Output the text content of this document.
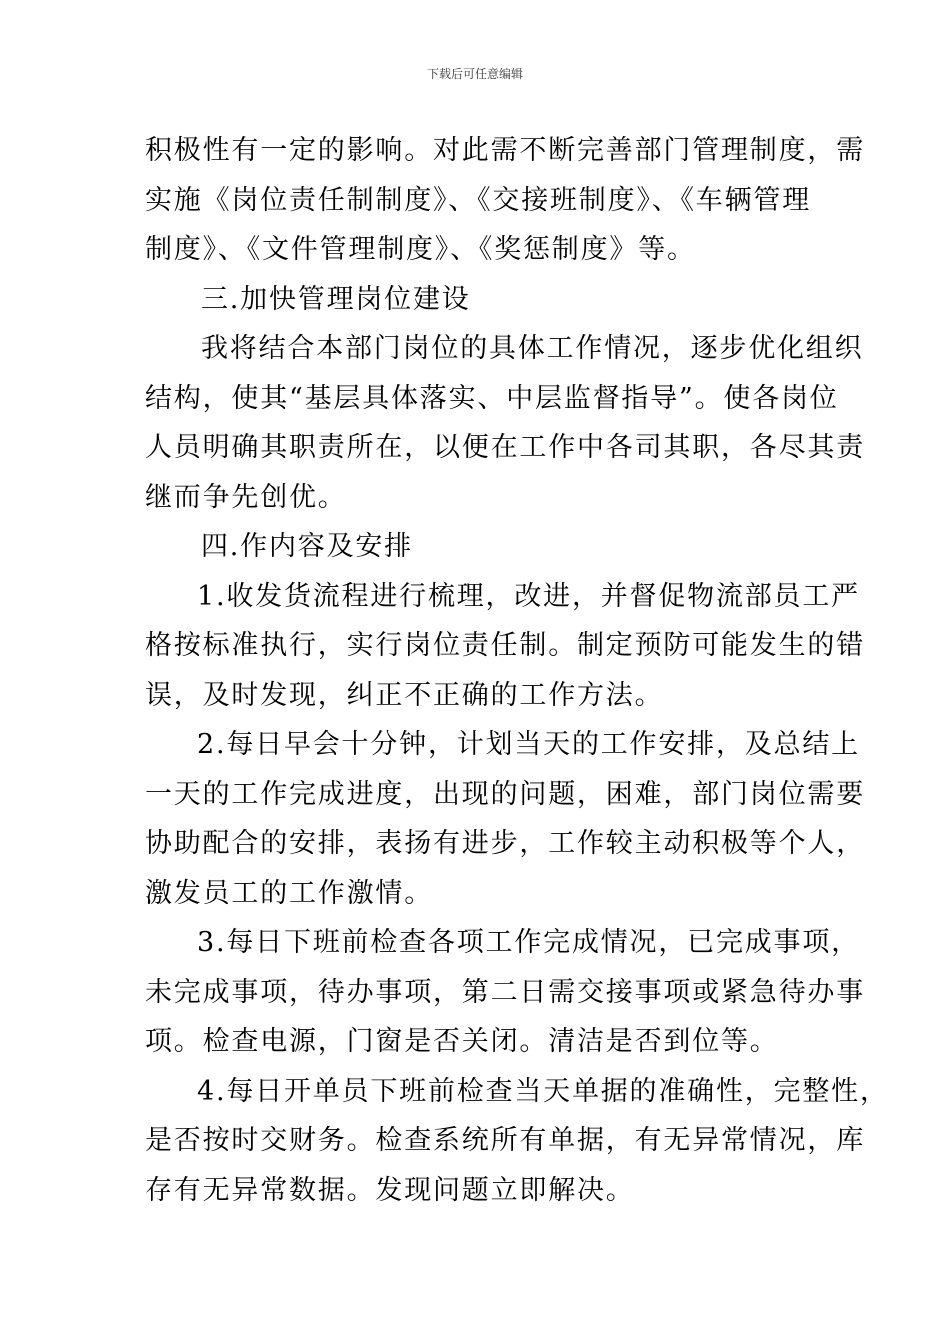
下载后可任意编辑
积极性有一定的影响。对此需不断完善部门管理制度，需
实施《岗位责任制制度》、《交接班制度》、《车辆管理
制度》、《文件管理制度》、《奖惩制度》等。
三.加快管理岗位建设
我将结合本部门岗位的具体工作情况，逐步优化组织
结构，使其“基层具体落实、中层监督指导”。使各岗位
人员明确其职责所在，以便在工作中各司其职，各尽其责
继而争先创优。
四.作内容及安排
1.收发货流程进行梳理，改进，并督促物流部员工严
格按标准执行，实行岗位责任制。制定预防可能发生的错
误，及时发现，纠正不正确的工作方法。
2.每日早会十分钟，计划当天的工作安排，及总结上
一天的工作完成进度，出现的问题，困难，部门岗位需要
协助配合的安排，表扬有进步，工作较主动积极等个人，
激发员工的工作激情。
3.每日下班前检查各项工作完成情况，已完成事项，
未完成事项，待办事项，第二日需交接事项或紧急待办事
项。检查电源，门窗是否关闭。清洁是否到位等。
4.每日开单员下班前检查当天单据的准确性，完整性，
是否按时交财务。检查系统所有单据，有无异常情况，库
存有无异常数据。发现问题立即解决。
